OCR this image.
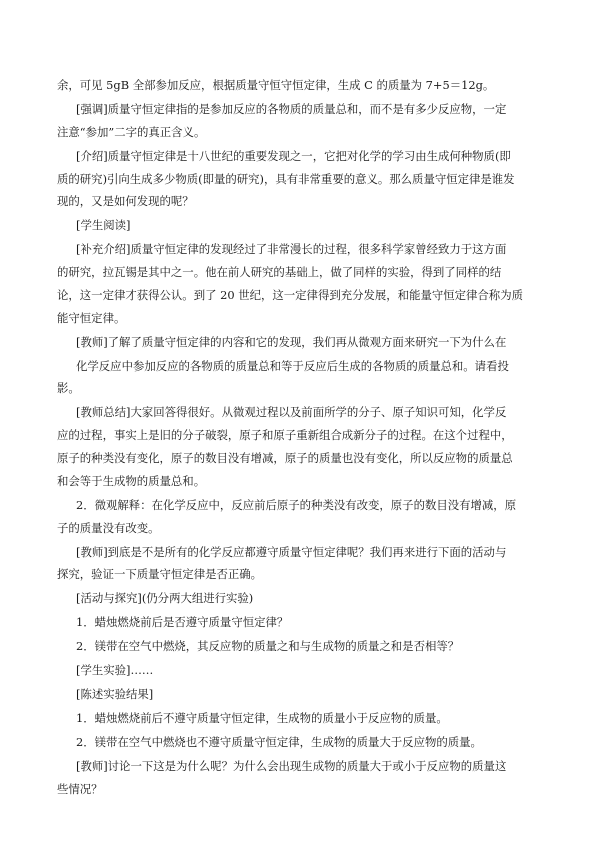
余，可见 5gB 全部参加反应，根据质量守恒守恒定律，生成 C 的质量为 7+5＝12g。

[强调]质量守恒定律指的是参加反应的各物质的质量总和，而不是有多少反应物，一定
注意“参加”二字的真正含义。

[介绍]质量守恒定律是十八世纪的重要发现之一，它把对化学的学习由生成何种物质(即
质的研究)引向生成多少物质(即量的研究)，具有非常重要的意义。那么质量守恒定律是谁发
现的，又是如何发现的呢？

[学生阅读]

[补充介绍]质量守恒定律的发现经过了非常漫长的过程，很多科学家曾经致力于这方面
的研究，拉瓦锡是其中之一。他在前人研究的基础上，做了同样的实验，得到了同样的结
论，这一定律才获得公认。到了 20 世纪，这一定律得到充分发展，和能量守恒定律合称为质
能守恒定律。

[教师]了解了质量守恒定律的内容和它的发现，我们再从微观方面来研究一下为什么在

化学反应中参加反应的各物质的质量总和等于反应后生成的各物质的质量总和。请看投
影。

[教师总结]大家回答得很好。从微观过程以及前面所学的分子、原子知识可知，化学反
应的过程，事实上是旧的分子破裂，原子和原子重新组合成新分子的过程。在这个过程中，
原子的种类没有变化，原子的数目没有增减，原子的质量也没有变化，所以反应物的质量总
和会等于生成物的质量总和。

2．微观解释：在化学反应中，反应前后原子的种类没有改变，原子的数目没有增减，原
子的质量没有改变。

[教师]到底是不是所有的化学反应都遵守质量守恒定律呢？我们再来进行下面的活动与
探究，验证一下质量守恒定律是否正确。

[活动与探究](仍分两大组进行实验)

1．蜡烛燃烧前后是否遵守质量守恒定律？

2．镁带在空气中燃烧，其反应物的质量之和与生成物的质量之和是否相等？

[学生实验]……

[陈述实验结果]

1．蜡烛燃烧前后不遵守质量守恒定律，生成物的质量小于反应物的质量。

2．镁带在空气中燃烧也不遵守质量守恒定律，生成物的质量大于反应物的质量。

[教师]讨论一下这是为什么呢？为什么会出现生成物的质量大于或小于反应物的质量这
些情况？
